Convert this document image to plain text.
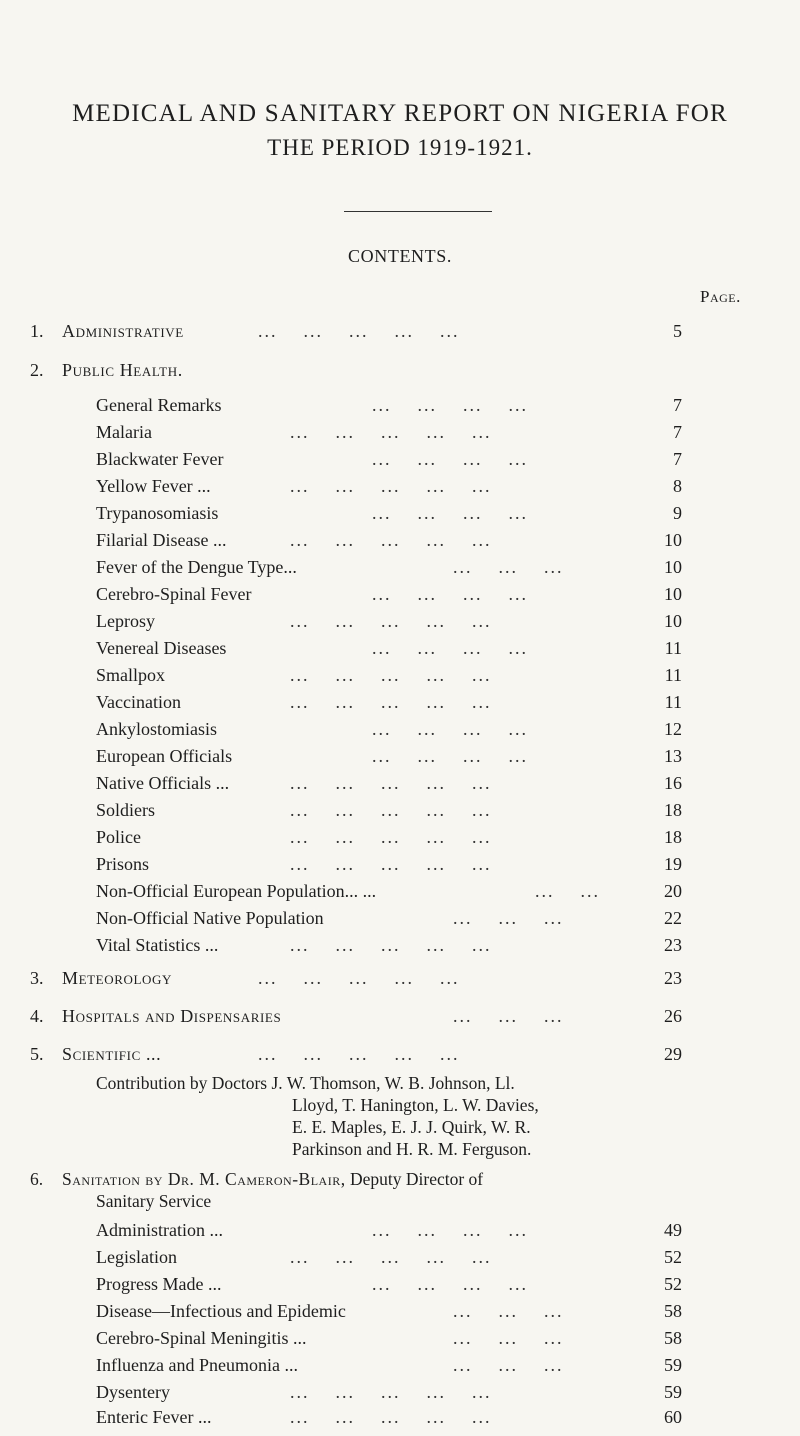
MEDICAL AND SANITARY REPORT ON NIGERIA FOR
THE PERIOD 1919-1921.
CONTENTS.
Page.
1. Administrative	...    ...    ...    ...    ...	5
2. Public Health.
General Remarks	...    ...    ...    ...	7
Malaria	...    ...    ...    ...    ...	7
Blackwater Fever	...    ...    ...    ...	7
Yellow Fever ...	...    ...    ...    ...    ...	8
Trypanosomiasis	...    ...    ...    ...	9
Filarial Disease ...	...    ...    ...    ...    ...	10
Fever of the Dengue Type...	...    ...    ...	10
Cerebro-Spinal Fever	...    ...    ...    ...	10
Leprosy	...    ...    ...    ...    ...	10
Venereal Diseases	...    ...    ...    ...	11
Smallpox	...    ...    ...    ...    ...	11
Vaccination	...    ...    ...    ...    ...	11
Ankylostomiasis	...    ...    ...    ...	12
European Officials	...    ...    ...    ...	13
Native Officials ...	...    ...    ...    ...    ...	16
Soldiers	...    ...    ...    ...    ...	18
Police	...    ...    ...    ...    ...	18
Prisons	...    ...    ...    ...    ...	19
Non-Official European Population... ...	...    ...	20
Non-Official Native Population	...    ...    ...	22
Vital Statistics ...	...    ...    ...    ...    ...	23
3. Meteorology	...    ...    ...    ...    ...	23
4. Hospitals and Dispensaries	...    ...    ...	26
5. Scientific ...	...    ...    ...    ...    ...	29
Contribution by Doctors J. W. Thomson, W. B. Johnson, Ll.
Lloyd, T. Hanington, L. W. Davies,
E. E. Maples, E. J. J. Quirk, W. R.
Parkinson and H. R. M. Ferguson.
6. Sanitation by Dr. M. Cameron-Blair, Deputy Director of
Sanitary Service
Administration ...	...    ...    ...    ...	49
Legislation	...    ...    ...    ...    ...	52
Progress Made ...	...    ...    ...    ...	52
Disease—Infectious and Epidemic	...    ...    ...	58
Cerebro-Spinal Meningitis ...	...    ...    ...	58
Influenza and Pneumonia ...	...    ...    ...	59
Dysentery	...    ...    ...    ...    ...	59
Enteric Fever ...	...    ...    ...    ...    ...	60
